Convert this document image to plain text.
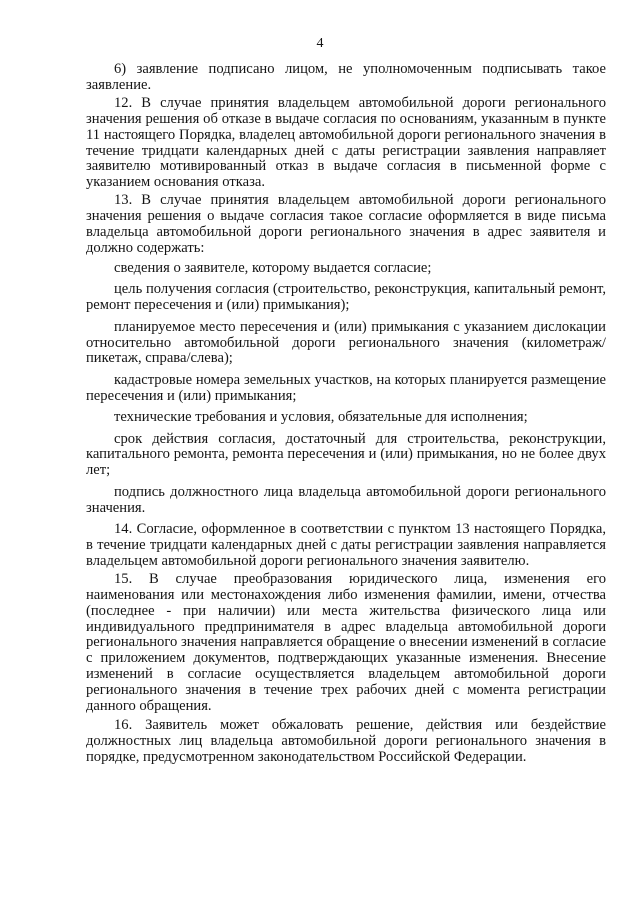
4

6) заявление подписано лицом, не уполномоченным подписывать такое заявление.

12. В случае принятия владельцем автомобильной дороги регионального значения решения об отказе в выдаче согласия по основаниям, указанным в пункте 11 настоящего Порядка, владелец автомобильной дороги регионального значения в течение тридцати календарных дней с даты регистрации заявления направляет заявителю мотивированный отказ в выдаче согласия в письменной форме с указанием основания отказа.

13. В случае принятия владельцем автомобильной дороги регионального значения решения о выдаче согласия такое согласие оформляется в виде письма владельца автомобильной дороги регионального значения в адрес заявителя и должно содержать:

сведения о заявителе, которому выдается согласие;

цель получения согласия (строительство, реконструкция, капитальный ремонт, ремонт пересечения и (или) примыкания);

планируемое место пересечения и (или) примыкания с указанием дислокации относительно автомобильной дороги регионального значения (километраж/пикетаж, справа/слева);

кадастровые номера земельных участков, на которых планируется размещение пересечения и (или) примыкания;

технические требования и условия, обязательные для исполнения;

срок действия согласия, достаточный для строительства, реконструкции, капитального ремонта, ремонта пересечения и (или) примыкания, но не более двух лет;

подпись должностного лица владельца автомобильной дороги регионального значения.

14. Согласие, оформленное в соответствии с пунктом 13 настоящего Порядка, в течение тридцати календарных дней с даты регистрации заявления направляется владельцем автомобильной дороги регионального значения заявителю.

15. В случае преобразования юридического лица, изменения его наименования или местонахождения либо изменения фамилии, имени, отчества (последнее - при наличии) или места жительства физического лица или индивидуального предпринимателя в адрес владельца автомобильной дороги регионального значения направляется обращение о внесении изменений в согласие с приложением документов, подтверждающих указанные изменения. Внесение изменений в согласие осуществляется владельцем автомобильной дороги регионального значения в течение трех рабочих дней с момента регистрации данного обращения.

16. Заявитель может обжаловать решение, действия или бездействие должностных лиц владельца автомобильной дороги регионального значения в порядке, предусмотренном законодательством Российской Федерации.
